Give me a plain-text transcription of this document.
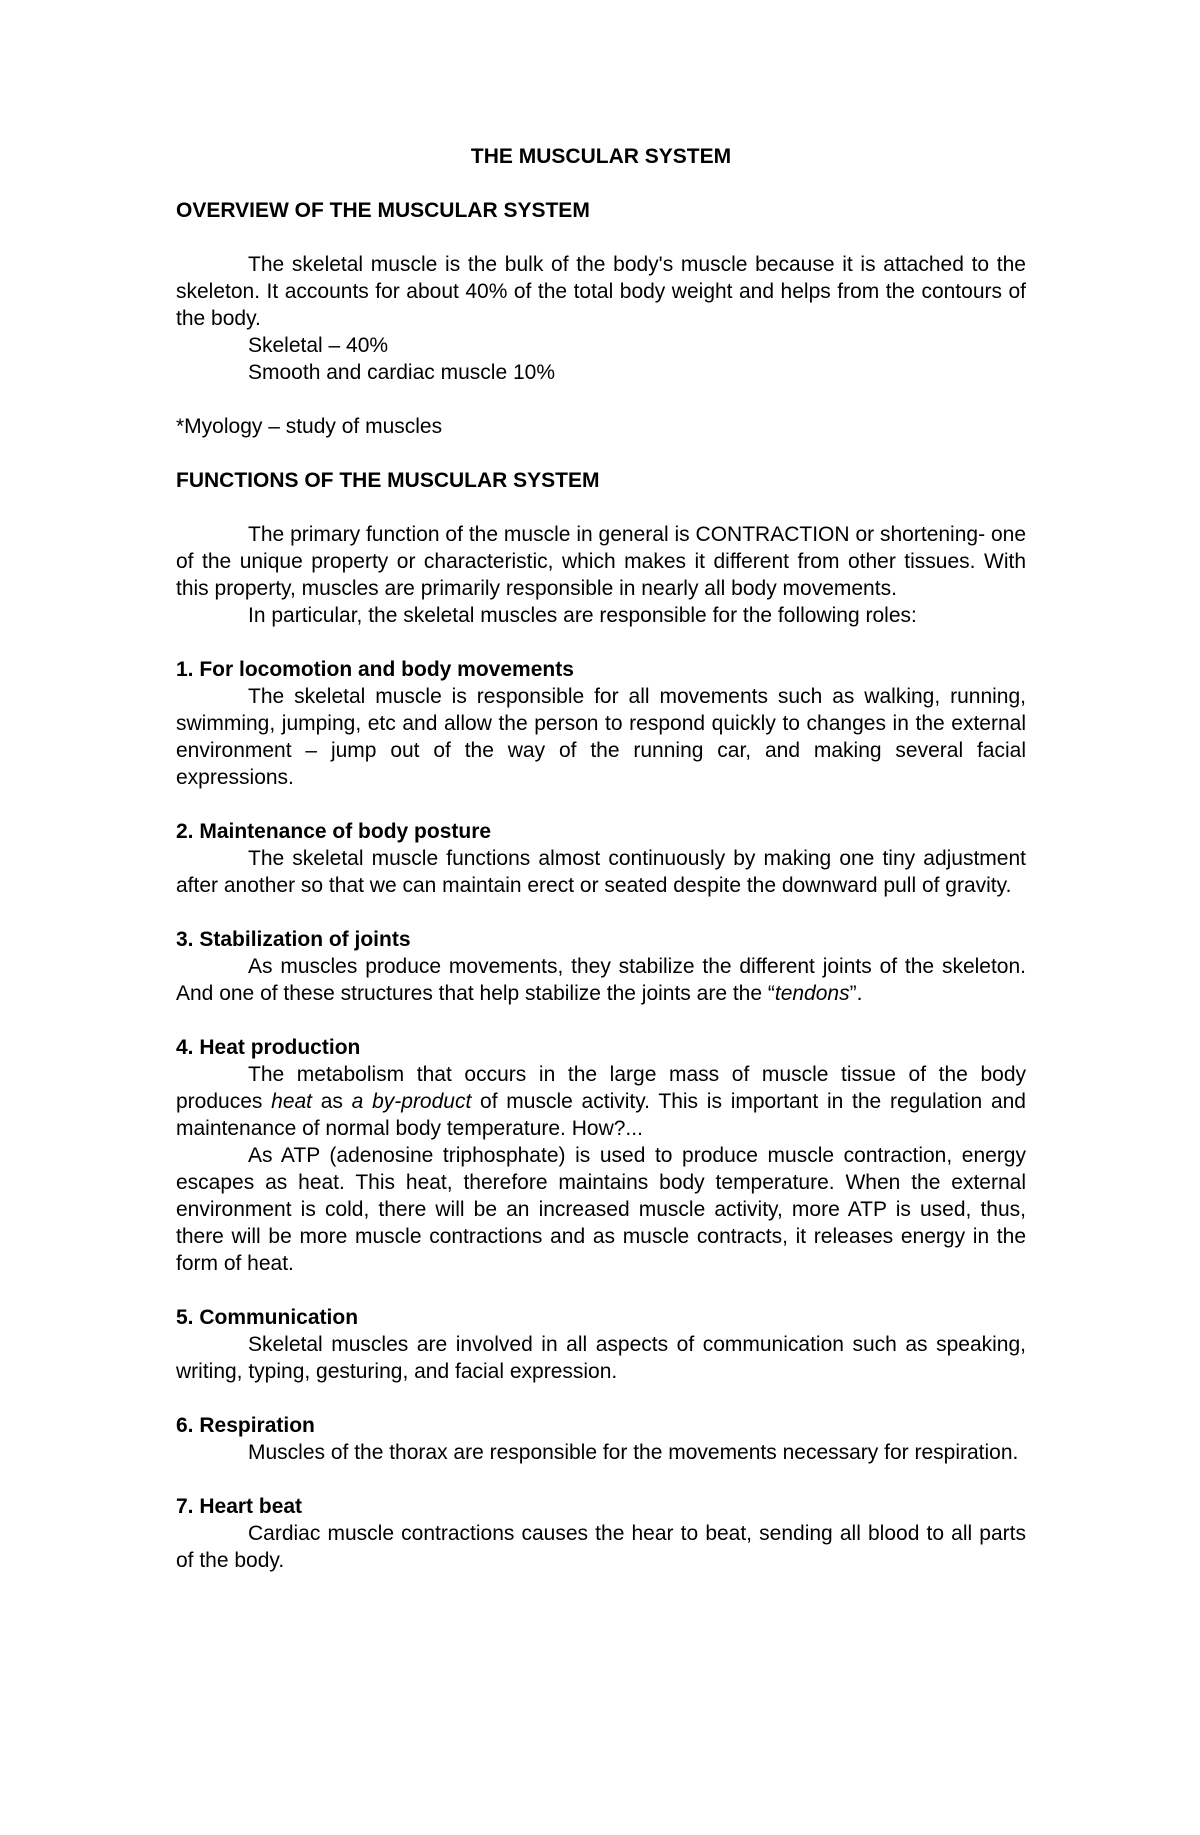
THE MUSCULAR SYSTEM
OVERVIEW OF THE MUSCULAR SYSTEM

The skeletal muscle is the bulk of the body's muscle because it is attached to the skeleton. It accounts for about 40% of the total body weight and helps from the contours of the body.

Skeletal – 40%

Smooth and cardiac muscle 10%

*Myology – study of muscles

FUNCTIONS OF THE MUSCULAR SYSTEM

The primary function of the muscle in general is CONTRACTION or shortening- one of the unique property or characteristic, which makes it different from other tissues. With this property, muscles are primarily responsible in nearly all body movements.

In particular, the skeletal muscles are responsible for the following roles:

1. For locomotion and body movements

The skeletal muscle is responsible for all movements such as walking, running, swimming, jumping, etc and allow the person to respond quickly to changes in the external environment – jump out of the way of the running car, and making several facial expressions.

2. Maintenance of body posture

The skeletal muscle functions almost continuously by making one tiny adjustment after another so that we can maintain erect or seated despite the downward pull of gravity.

3. Stabilization of joints

As muscles produce movements, they stabilize the different joints of the skeleton. And one of these structures that help stabilize the joints are the “tendons”.

4. Heat production

The metabolism that occurs in the large mass of muscle tissue of the body produces heat as a by-product of muscle activity. This is important in the regulation and maintenance of normal body temperature. How?...

As ATP (adenosine triphosphate) is used to produce muscle contraction, energy escapes as heat. This heat, therefore maintains body temperature. When the external environment is cold, there will be an increased muscle activity, more ATP is used, thus, there will be more muscle contractions and as muscle contracts, it releases energy in the form of heat.

5. Communication

Skeletal muscles are involved in all aspects of communication such as speaking, writing, typing, gesturing, and facial expression.

6. Respiration

Muscles of the thorax are responsible for the movements necessary for respiration.

7. Heart beat

Cardiac muscle contractions causes the hear to beat, sending all blood to all parts of the body.
